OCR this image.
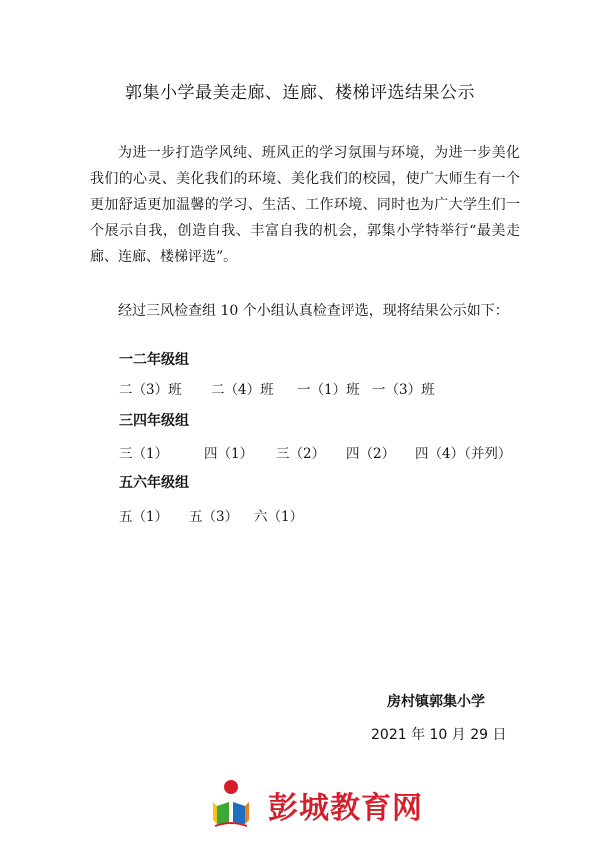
郭集小学最美走廊、连廊、楼梯评选结果公示
为进一步打造学风纯、班风正的学习氛围与环境，为进一步美化我们的心灵、美化我们的环境、美化我们的校园，使广大师生有一个更加舒适更加温馨的学习、生活、工作环境、同时也为广大学生们一个展示自我，创造自我、丰富自我的机会，郭集小学特举行“最美走廊、连廊、楼梯评选”。
经过三风检查组 10 个小组认真检查评选，现将结果公示如下：
一二年级组
二（3）班 二（4）班 一（1）班 一（3）班
三四年级组
三（1）	四（1） 三（2） 四（2） 四（4）（并列）
五六年级组
五（1） 五（3） 六（1）
房村镇郭集小学
2021 年 10 月 29 日
彭城教育网
